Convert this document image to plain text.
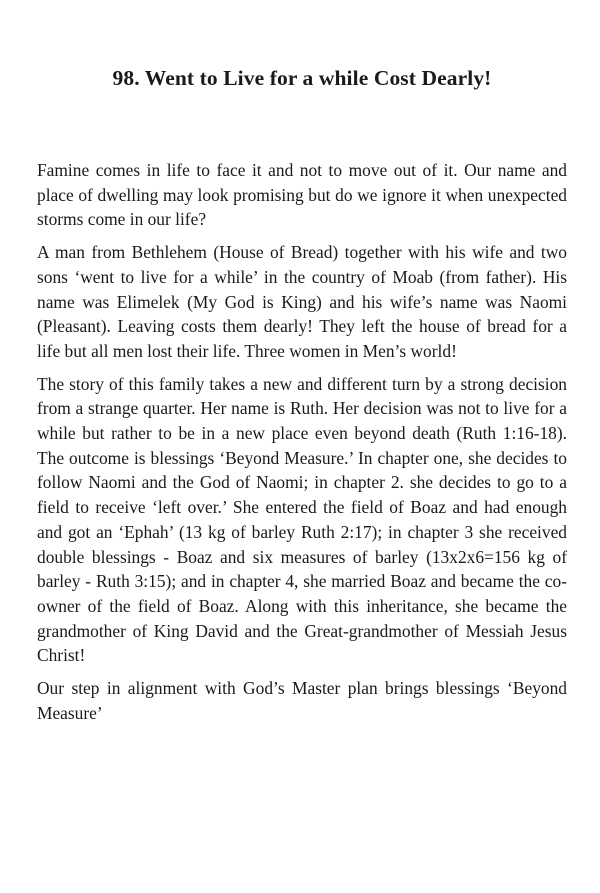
98. Went to Live for a while Cost Dearly!

Famine comes in life to face it and not to move out of it. Our name and place of dwelling may look promising but do we ignore it when unexpected storms come in our life?

A man from Bethlehem (House of Bread) together with his wife and two sons ‘went to live for a while’ in the country of Moab (from father). His name was Elimelek (My God is King) and his wife’s name was Naomi (Pleasant). Leaving costs them dearly! They left the house of bread for a life but all men lost their life. Three women in Men’s world!

The story of this family takes a new and different turn by a strong decision from a strange quarter. Her name is Ruth. Her decision was not to live for a while but rather to be in a new place even beyond death (Ruth 1:16-18). The outcome is blessings ‘Beyond Measure.’ In chapter one, she decides to follow Naomi and the God of Naomi; in chapter 2. she decides to go to a field to receive ‘left over.’ She entered the field of Boaz and had enough and got an ‘Ephah’ (13 kg of barley Ruth 2:17); in chapter 3 she received double blessings - Boaz and six measures of barley (13x2x6=156 kg of barley - Ruth 3:15); and in chapter 4, she married Boaz and became the co-owner of the field of Boaz. Along with this inheritance, she became the grandmother of King David and the Great-grandmother of Messiah Jesus Christ!

Our step in alignment with God’s Master plan brings blessings ‘Beyond Measure’
